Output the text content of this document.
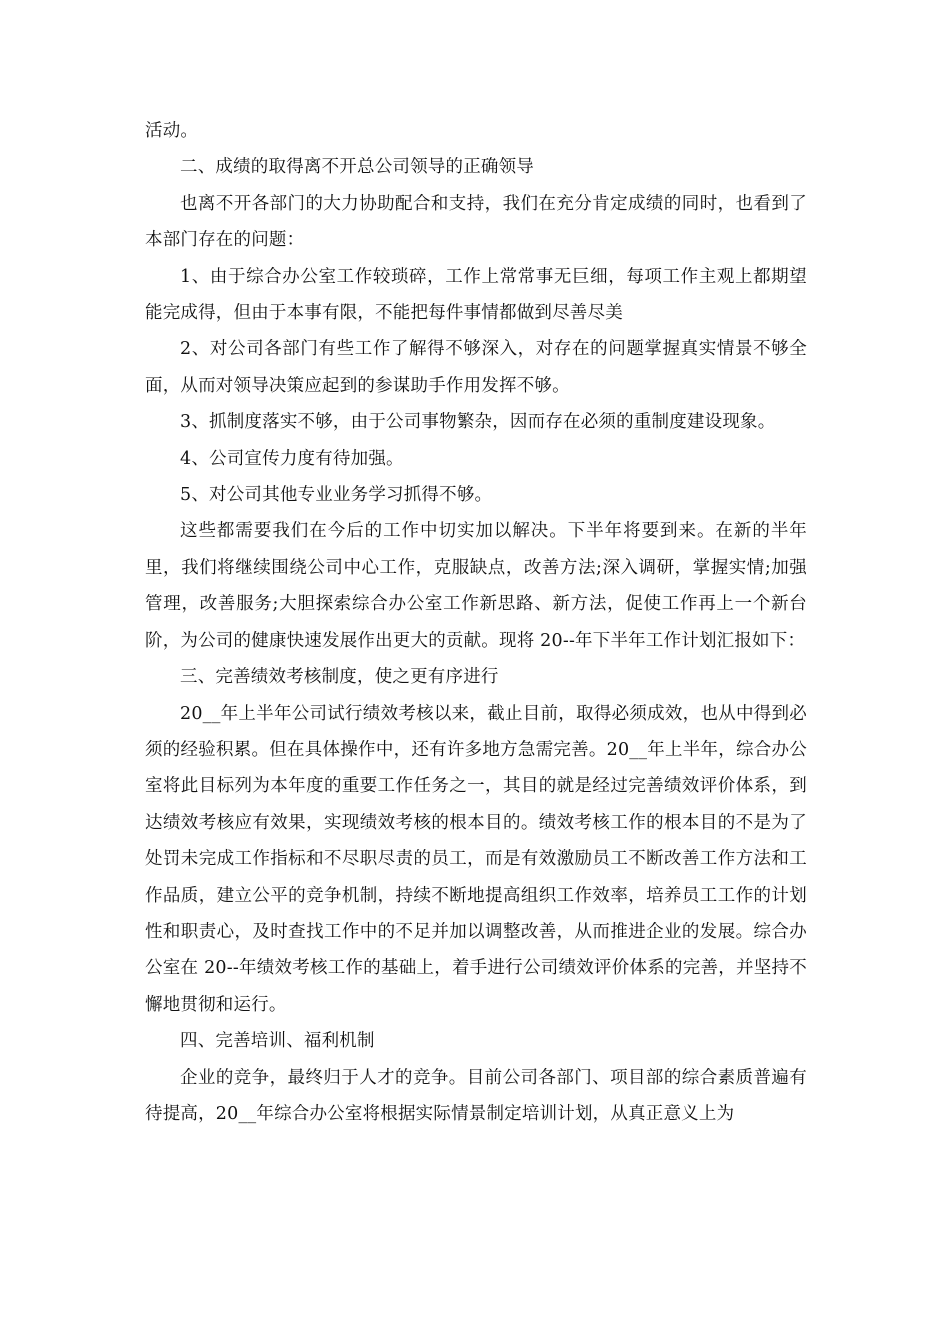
活动。

二、成绩的取得离不开总公司领导的正确领导

也离不开各部门的大力协助配合和支持，我们在充分肯定成绩的同时，也看到了本部门存在的问题：

1、由于综合办公室工作较琐碎，工作上常常事无巨细，每项工作主观上都期望能完成得，但由于本事有限，不能把每件事情都做到尽善尽美

2、对公司各部门有些工作了解得不够深入，对存在的问题掌握真实情景不够全面，从而对领导决策应起到的参谋助手作用发挥不够。

3、抓制度落实不够，由于公司事物繁杂，因而存在必须的重制度建设现象。

4、公司宣传力度有待加强。

5、对公司其他专业业务学习抓得不够。

这些都需要我们在今后的工作中切实加以解决。下半年将要到来。在新的半年里，我们将继续围绕公司中心工作，克服缺点，改善方法;深入调研，掌握实情;加强管理，改善服务;大胆探索综合办公室工作新思路、新方法，促使工作再上一个新台阶，为公司的健康快速发展作出更大的贡献。现将 20--年下半年工作计划汇报如下：

三、完善绩效考核制度，使之更有序进行

20__年上半年公司试行绩效考核以来，截止目前，取得必须成效，也从中得到必须的经验积累。但在具体操作中，还有许多地方急需完善。20__年上半年，综合办公室将此目标列为本年度的重要工作任务之一，其目的就是经过完善绩效评价体系，到达绩效考核应有效果，实现绩效考核的根本目的。绩效考核工作的根本目的不是为了处罚未完成工作指标和不尽职尽责的员工，而是有效激励员工不断改善工作方法和工作品质，建立公平的竞争机制，持续不断地提高组织工作效率，培养员工工作的计划性和职责心，及时查找工作中的不足并加以调整改善，从而推进企业的发展。综合办公室在 20--年绩效考核工作的基础上，着手进行公司绩效评价体系的完善，并坚持不懈地贯彻和运行。

四、完善培训、福利机制

企业的竞争，最终归于人才的竞争。目前公司各部门、项目部的综合素质普遍有待提高，20__年综合办公室将根据实际情景制定培训计划，从真正意义上为
